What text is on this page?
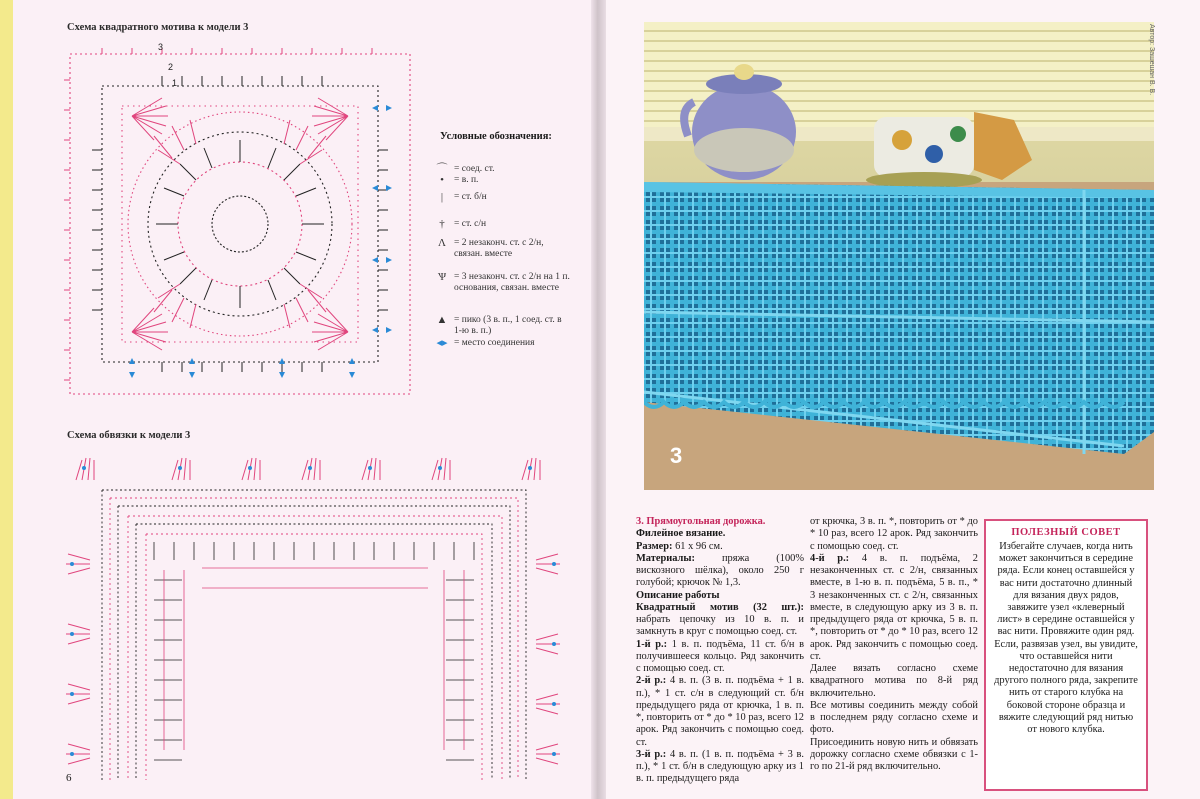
Схема квадратного мотива к модели 3
3
2
1
Условные обозначения:
⌒ = соед. ст.
•	= в. п.
|	= ст. б/н
† = ст. с/н
Λ = 2 незаконч. ст. с 2/н, связан. вместе
Ѱ = 3 незаконч. ст. с 2/н на 1 п. основания, связан. вместе
▲ = пико (3 в. п., 1 соед. ст. в 1-ю в. п.)
◂▸ = место соединения
Схема обвязки к модели 3
6
3
Автор: Зашешан В. В.

3. Прямоугольная дорожка.

Филейное вязание.

Размер: 61 x 96 см.

Материалы:	пряжа (100% вискозного шёлка), около 250 г голубой; крючок № 1,3.

Описание работы

Квадратный мотив (32 шт.): набрать цепочку из 10 в. п. и замкнуть в круг с помощью соед. ст.

1-й р.: 1 в. п. подъёма, 11 ст. б/н в получившееся кольцо. Ряд закончить с помощью соед. ст.

2-й р.: 4 в. п. (3 в. п. подъёма + 1 в. п.), * 1 ст. с/н в следующий ст. б/н предыдущего ряда от крючка, 1 в. п. *, повторить от * до * 10 раз, всего 12 арок. Ряд закончить с помощью соед. ст.

3-й р.: 4 в. п. (1 в. п. подъёма + 3 в. п.), * 1 ст. б/н в следующую арку из 1 в. п. предыдущего ряда

от крючка, 3 в. п. *, повторить от * до * 10 раз, всего 12 арок. Ряд закончить с помощью соед. ст.

4-й р.: 4 в. п. подъёма, 2 незаконченных ст. с 2/н, связанных вместе, в 1-ю в. п. подъёма, 5 в. п., * 3 незаконченных ст. с 2/н, связанных вместе, в следующую арку из 3 в. п. предыдущего ряда от крючка, 5 в. п. *, повторить от * до * 10 раз, всего 12 арок. Ряд закончить с помощью соед. ст.

Далее вязать согласно схеме квадратного мотива по 8-й ряд включительно.

Все мотивы соединить между собой в последнем ряду согласно схеме и фото.

Присоединить новую нить и обвязать дорожку согласно схеме обвязки с 1-го по 21-й ряд включительно.

ПОЛЕЗНЫЙ СОВЕТ
Избегайте случаев, когда нить может закончиться в середине ряда. Если конец оставшейся у вас нити достаточно длинный для вязания двух рядов, завяжите узел «клеверный лист» в середине оставшейся у вас нити. Провяжите один ряд. Если, развязав узел, вы увидите, что оставшейся нити недостаточно для вязания другого полного ряда, закрепите нить от старого клубка на боковой стороне образца и вяжите следующий ряд нитью от нового клубка.
